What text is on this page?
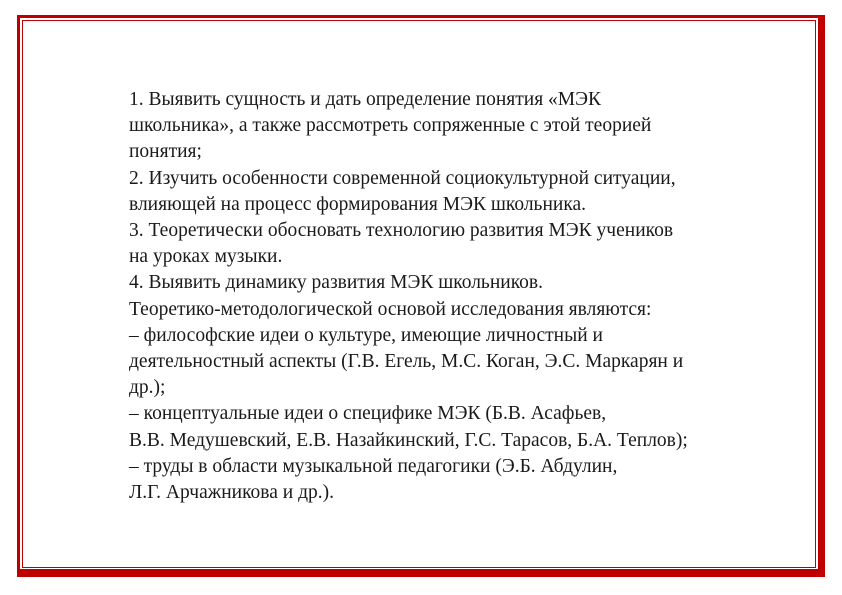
1. Выявить сущность и дать определение понятия «МЭК
школьника», а также рассмотреть сопряженные с этой теорией
понятия;
2. Изучить особенности современной социокультурной ситуации,
влияющей на процесс формирования МЭК школьника.
3. Теоретически обосновать технологию развития МЭК учеников
на уроках музыки.
4. Выявить динамику развития МЭК школьников.
Теоретико-методологической основой исследования являются:
– философские идеи о культуре, имеющие личностный и
деятельностный аспекты (Г.В. Егель, М.С. Коган, Э.С. Маркарян и
др.);
– концептуальные идеи о специфике МЭК (Б.В. Асафьев,
В.В. Медушевский, Е.В. Назайкинский, Г.С. Тарасов, Б.А. Теплов);
– труды в области музыкальной педагогики (Э.Б. Абдулин,
Л.Г. Арчажникова и др.).
